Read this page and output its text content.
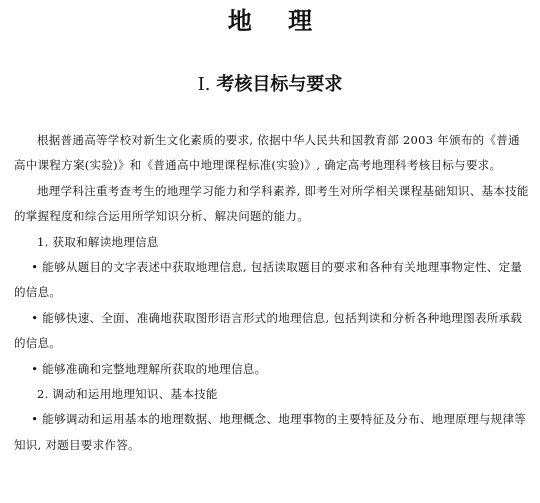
地 理
Ⅰ. 考核目标与要求

根据普通高等学校对新生文化素质的要求, 依据中华人民共和国教育部 2003 年颁布的《普通高中课程方案(实验)》和《普通高中地理课程标准(实验)》, 确定高考地理科考核目标与要求。

地理学科注重考查考生的地理学习能力和学科素养, 即考生对所学相关课程基础知识、基本技能的掌握程度和综合运用所学知识分析、解决问题的能力。

1. 获取和解读地理信息

• 能够从题目的文字表述中获取地理信息, 包括读取题目的要求和各种有关地理事物定性、定量的信息。

• 能够快速、全面、准确地获取图形语言形式的地理信息, 包括判读和分析各种地理图表所承载的信息。

• 能够准确和完整地理解所获取的地理信息。

2. 调动和运用地理知识、基本技能

• 能够调动和运用基本的地理数据、地理概念、地理事物的主要特征及分布、地理原理与规律等知识, 对题目要求作答。
